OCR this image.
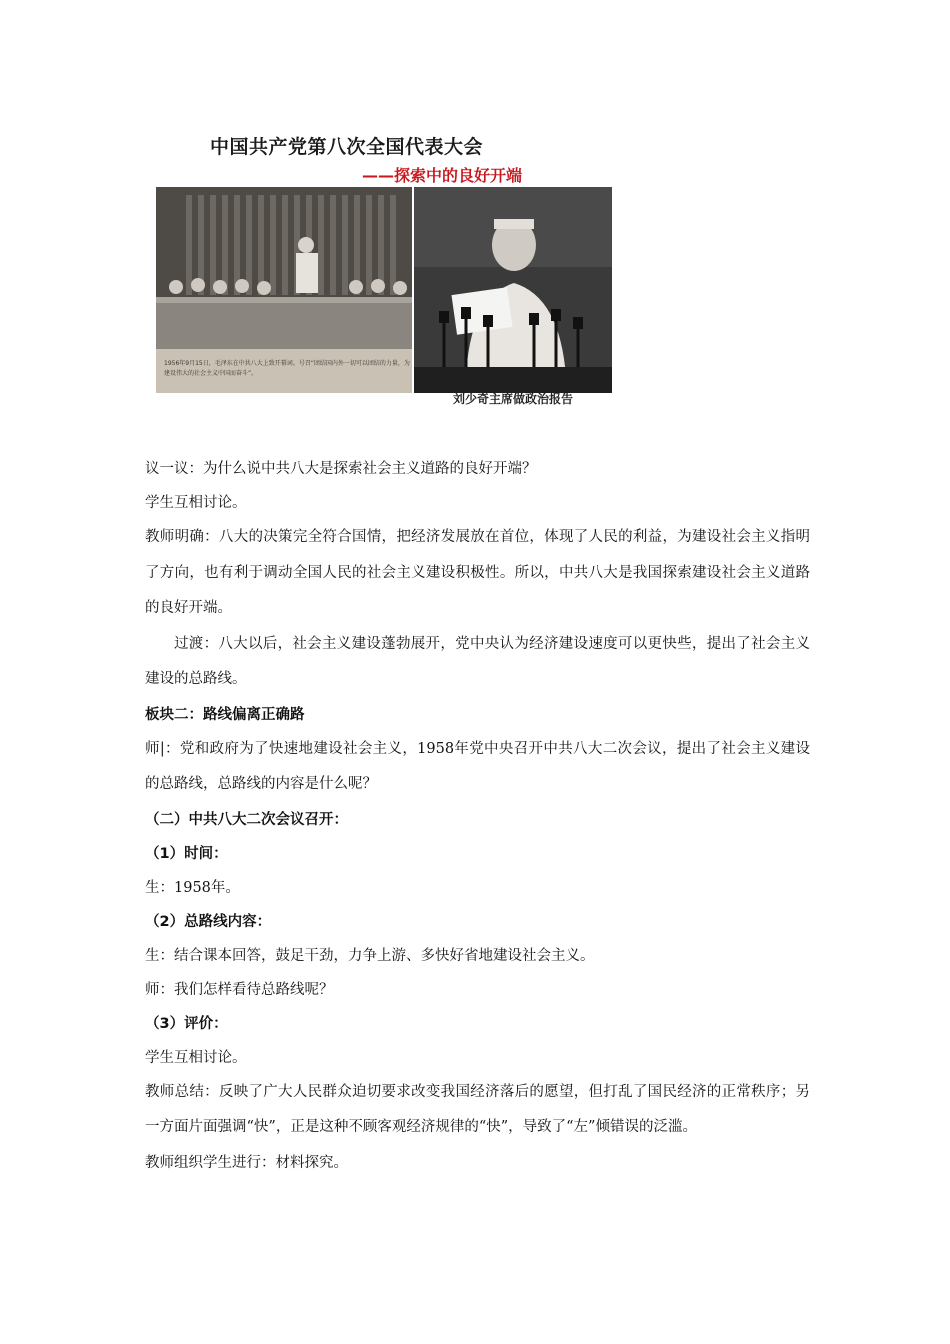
中国共产党第八次全国代表大会
——探索中的良好开端
1956年9月15日，毛泽东在中共八大上致开幕词。号召“团结国内外一切可以团结的力量，为
建设伟大的社会主义中国而奋斗”。
刘少奇主席做政治报告

议一议：为什么说中共八大是探索社会主义道路的良好开端？

学生互相讨论。

教师明确：八大的决策完全符合国情，把经济发展放在首位，体现了人民的利益，为建设社会主义指明了方向，也有利于调动全国人民的社会主义建设积极性。所以，中共八大是我国探索建设社会主义道路的良好开端。

过渡：八大以后，社会主义建设蓬勃展开，党中央认为经济建设速度可以更快些，提出了社会主义建设的总路线。

板块二：路线偏离正确路

师|：党和政府为了快速地建设社会主义，1958年党中央召开中共八大二次会议，提出了社会主义建设的总路线，总路线的内容是什么呢？

（二）中共八大二次会议召开：

（1）时间：

生：1958年。

（2）总路线内容：

生：结合课本回答，鼓足干劲，力争上游、多快好省地建设社会主义。

师：我们怎样看待总路线呢？

（3）评价：

学生互相讨论。

教师总结：反映了广大人民群众迫切要求改变我国经济落后的愿望，但打乱了国民经济的正常秩序；另一方面片面强调“快”，正是这种不顾客观经济规律的“快”，导致了“左”倾错误的泛滥。

教师组织学生进行：材料探究。
